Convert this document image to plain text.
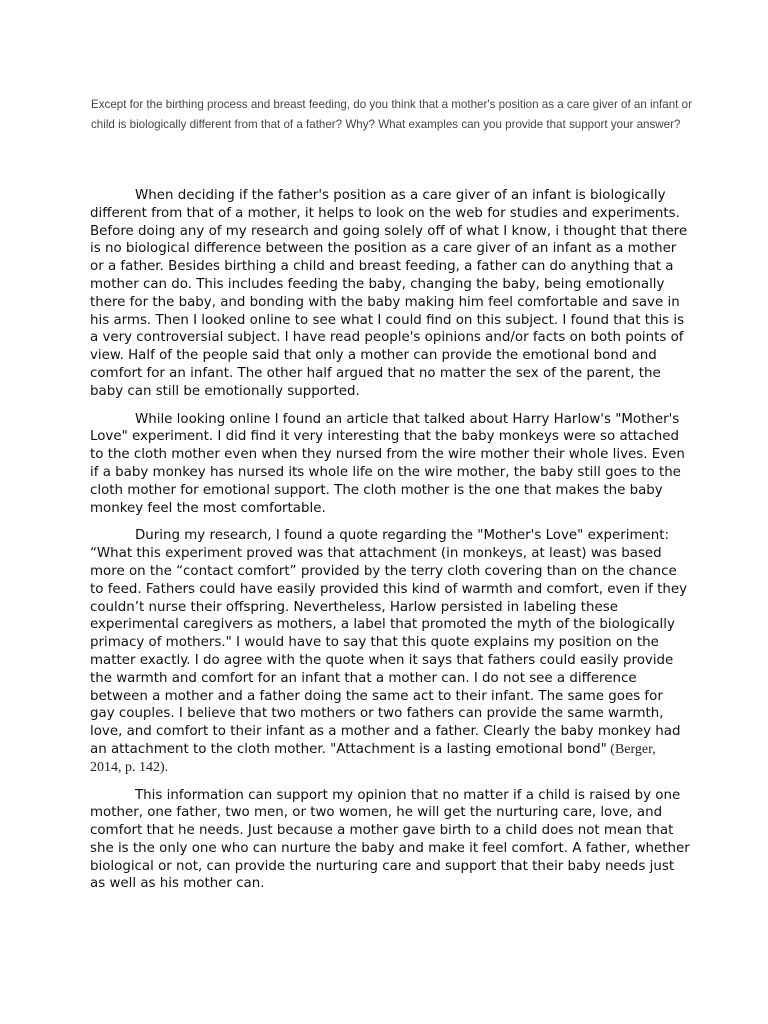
Except for the birthing process and breast feeding, do you think that a mother's position as a care giver of an infant or child is biologically different from that of a father? Why? What examples can you provide that support your answer?

When deciding if the father's position as a care giver of an infant is biologically different from that of a mother, it helps to look on the web for studies and experiments. Before doing any of my research and going solely off of what I know, i thought that there is no biological difference between the position as a care giver of an infant as a mother or a father. Besides birthing a child and breast feeding, a father can do anything that a mother can do. This includes feeding the baby, changing the baby, being emotionally there for the baby, and bonding with the baby making him feel comfortable and save in his arms. Then I looked online to see what I could find on this subject. I found that this is a very controversial subject. I have read people's opinions and/or facts on both points of view. Half of the people said that only a mother can provide the emotional bond and comfort for an infant. The other half argued that no matter the sex of the parent, the baby can still be emotionally supported.

While looking online I found an article that talked about Harry Harlow's "Mother's Love" experiment. I did find it very interesting that the baby monkeys were so attached to the cloth mother even when they nursed from the wire mother their whole lives. Even if a baby monkey has nursed its whole life on the wire mother, the baby still goes to the cloth mother for emotional support. The cloth mother is the one that makes the baby monkey feel the most comfortable.

During my research, I found a quote regarding the "Mother's Love" experiment: “What this experiment proved was that attachment (in monkeys, at least) was based more on the “contact comfort” provided by the terry cloth covering than on the chance to feed. Fathers could have easily provided this kind of warmth and comfort, even if they couldn’t nurse their offspring. Nevertheless, Harlow persisted in labeling these experimental caregivers as mothers, a label that promoted the myth of the biologically primacy of mothers." I would have to say that this quote explains my position on the matter exactly. I do agree with the quote when it says that fathers could easily provide the warmth and comfort for an infant that a mother can. I do not see a difference between a mother and a father doing the same act to their infant. The same goes for gay couples. I believe that two mothers or two fathers can provide the same warmth, love, and comfort to their infant as a mother and a father. Clearly the baby monkey had an attachment to the cloth mother. "Attachment is a lasting emotional bond" (Berger, 2014, p. 142).

This information can support my opinion that no matter if a child is raised by one mother, one father, two men, or two women, he will get the nurturing care, love, and comfort that he needs. Just because a mother gave birth to a child does not mean that she is the only one who can nurture the baby and make it feel comfort. A father, whether biological or not, can provide the nurturing care and support that their baby needs just as well as his mother can.
